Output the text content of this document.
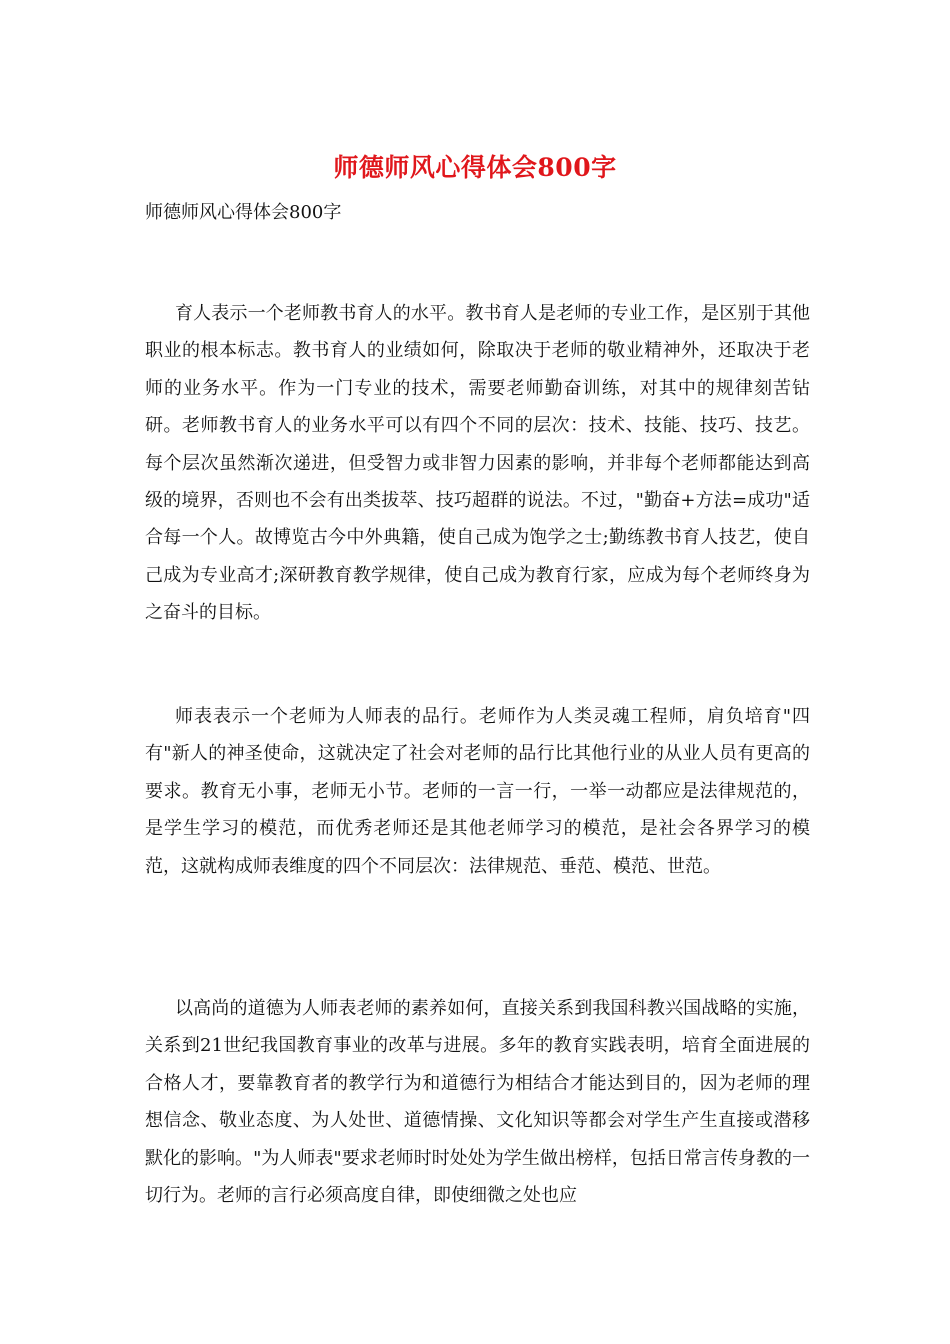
师德师风心得体会800字
师德师风心得体会800字

育人表示一个老师教书育人的水平。教书育人是老师的专业工作，是区别于其他职业的根本标志。教书育人的业绩如何，除取决于老师的敬业精神外，还取决于老师的业务水平。作为一门专业的技术，需要老师勤奋训练，对其中的规律刻苦钻研。老师教书育人的业务水平可以有四个不同的层次：技术、技能、技巧、技艺。每个层次虽然渐次递进，但受智力或非智力因素的影响，并非每个老师都能达到高级的境界，否则也不会有出类拔萃、技巧超群的说法。不过，"勤奋+方法=成功"适合每一个人。故博览古今中外典籍，使自己成为饱学之士;勤练教书育人技艺，使自己成为专业高才;深研教育教学规律，使自己成为教育行家，应成为每个老师终身为之奋斗的目标。

师表表示一个老师为人师表的品行。老师作为人类灵魂工程师，肩负培育"四有"新人的神圣使命，这就决定了社会对老师的品行比其他行业的从业人员有更高的要求。教育无小事，老师无小节。老师的一言一行，一举一动都应是法律规范的，是学生学习的模范，而优秀老师还是其他老师学习的模范，是社会各界学习的模范，这就构成师表维度的四个不同层次：法律规范、垂范、模范、世范。

以高尚的道德为人师表老师的素养如何，直接关系到我国科教兴国战略的实施，关系到21世纪我国教育事业的改革与进展。多年的教育实践表明，培育全面进展的合格人才，要靠教育者的教学行为和道德行为相结合才能达到目的，因为老师的理想信念、敬业态度、为人处世、道德情操、文化知识等都会对学生产生直接或潜移默化的影响。"为人师表"要求老师时时处处为学生做出榜样，包括日常言传身教的一切行为。老师的言行必须高度自律，即使细微之处也应
